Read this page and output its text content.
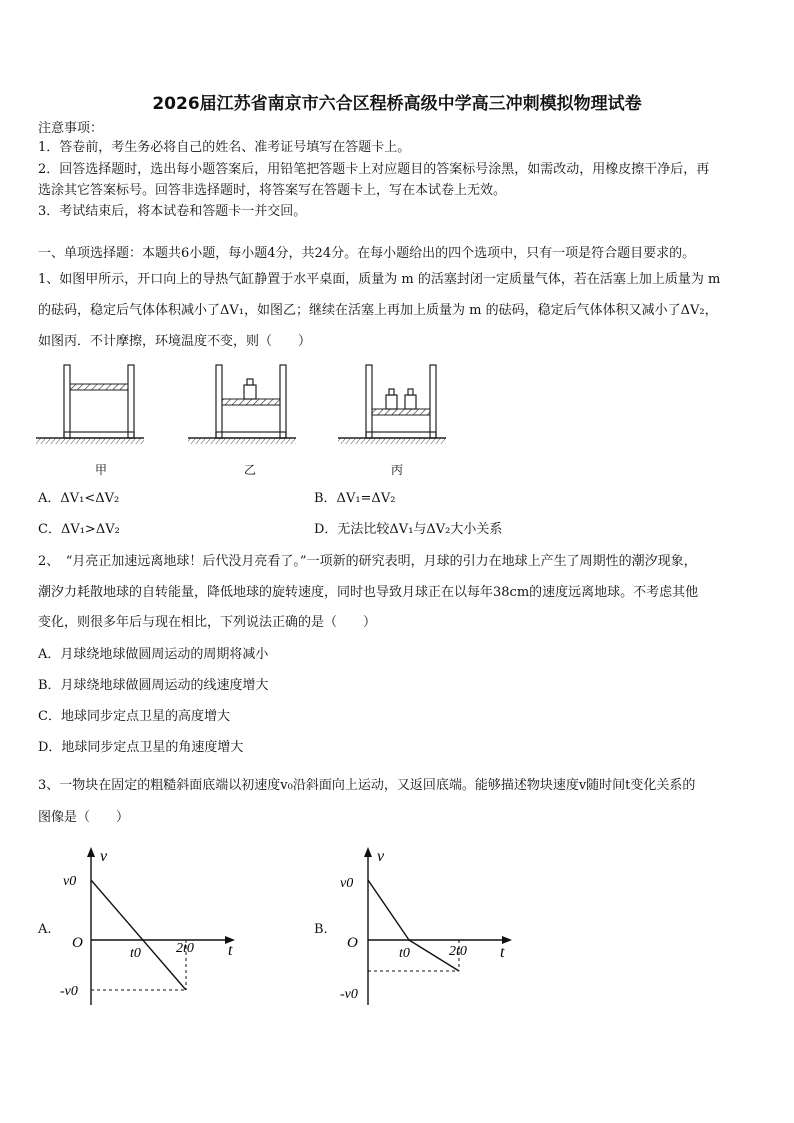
2026届江苏省南京市六合区程桥高级中学高三冲刺模拟物理试卷
注意事项：
1．答卷前，考生务必将自己的姓名、准考证号填写在答题卡上。
2．回答选择题时，选出每小题答案后，用铅笔把答题卡上对应题目的答案标号涂黑，如需改动，用橡皮擦干净后，再
选涂其它答案标号。回答非选择题时，将答案写在答题卡上，写在本试卷上无效。
3．考试结束后，将本试卷和答题卡一并交回。
一、单项选择题：本题共6小题，每小题4分，共24分。在每小题给出的四个选项中，只有一项是符合题目要求的。
1、如图甲所示，开口向上的导热气缸静置于水平桌面，质量为 m 的活塞封闭一定质量气体，若在活塞上加上质量为 m
的砝码，稳定后气体体积减小了ΔV₁，如图乙；继续在活塞上再加上质量为 m 的砝码，稳定后气体体积又减小了ΔV₂，
如图丙．不计摩擦，环境温度不变，则（　　）
甲	乙	丙
A．ΔV₁<ΔV₂	B．ΔV₁=ΔV₂
C．ΔV₁>ΔV₂	D．无法比较ΔV₁与ΔV₂大小关系
2、　“月亮正加速远离地球！后代没月亮看了。”一项新的研究表明，月球的引力在地球上产生了周期性的潮汐现象，
潮汐力耗散地球的自转能量，降低地球的旋转速度，同时也导致月球正在以每年38cm的速度远离地球。不考虑其他
变化，则很多年后与现在相比，下列说法正确的是（　　）
A．月球绕地球做圆周运动的周期将减小
B．月球绕地球做圆周运动的线速度增大
C．地球同步定点卫星的高度增大
D．地球同步定点卫星的角速度增大
3、一物块在固定的粗糙斜面底端以初速度v₀沿斜面向上运动，又返回底端。能够描述物块速度v随时间t变化关系的
图像是（　　）
A.	B.
v
t
O
v0
-v0
t0	2t0
v
t
O
v0
-v0
t0	2t0
